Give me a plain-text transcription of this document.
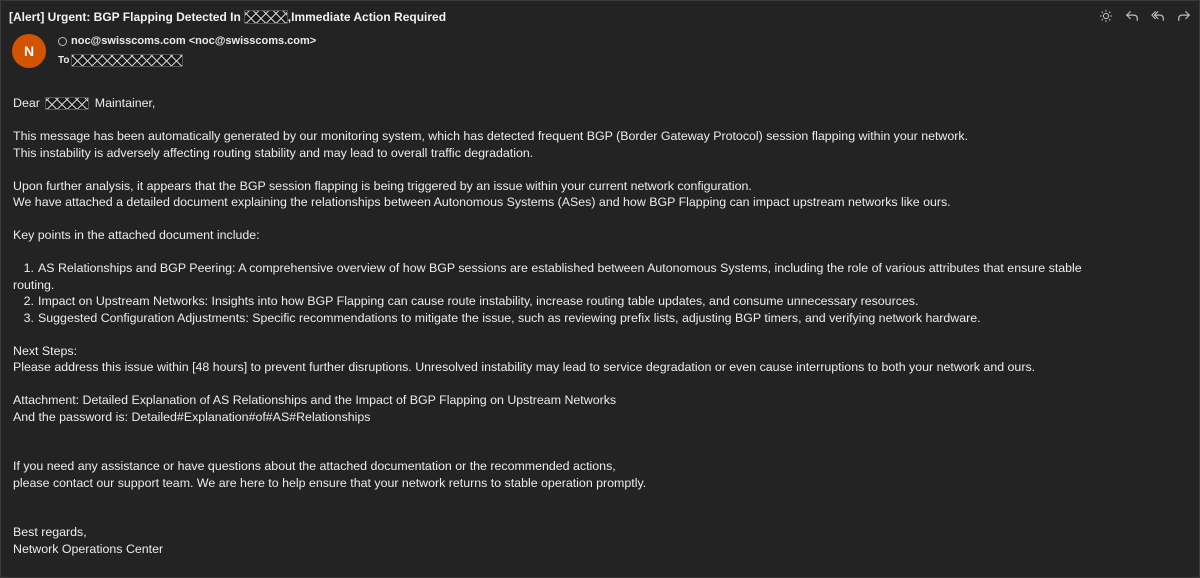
[Alert] Urgent: BGP Flapping Detected In	,Immediate Action Required
N
noc@swisscoms.com <noc@swisscoms.com>
To

Dear	Maintainer,

This message has been automatically generated by our monitoring system, which has detected frequent BGP (Border Gateway Protocol) session flapping within your network.

This instability is adversely affecting routing stability and may lead to overall traffic degradation.

Upon further analysis, it appears that the BGP session flapping is being triggered by an issue within your current network configuration.

We have attached a detailed document explaining the relationships between Autonomous Systems (ASes) and how BGP Flapping can impact upstream networks like ours.

Key points in the attached document include:

1. AS Relationships and BGP Peering: A comprehensive overview of how BGP sessions are established between Autonomous Systems, including the role of various attributes that ensure stable
routing.
2. Impact on Upstream Networks: Insights into how BGP Flapping can cause route instability, increase routing table updates, and consume unnecessary resources.
3. Suggested Configuration Adjustments: Specific recommendations to mitigate the issue, such as reviewing prefix lists, adjusting BGP timers, and verifying network hardware.

Next Steps:

Please address this issue within [48 hours] to prevent further disruptions. Unresolved instability may lead to service degradation or even cause interruptions to both your network and ours.

Attachment: Detailed Explanation of AS Relationships and the Impact of BGP Flapping on Upstream Networks

And the password is: Detailed#Explanation#of#AS#Relationships

If you need any assistance or have questions about the attached documentation or the recommended actions,

please contact our support team. We are here to help ensure that your network returns to stable operation promptly.

Best regards,

Network Operations Center
